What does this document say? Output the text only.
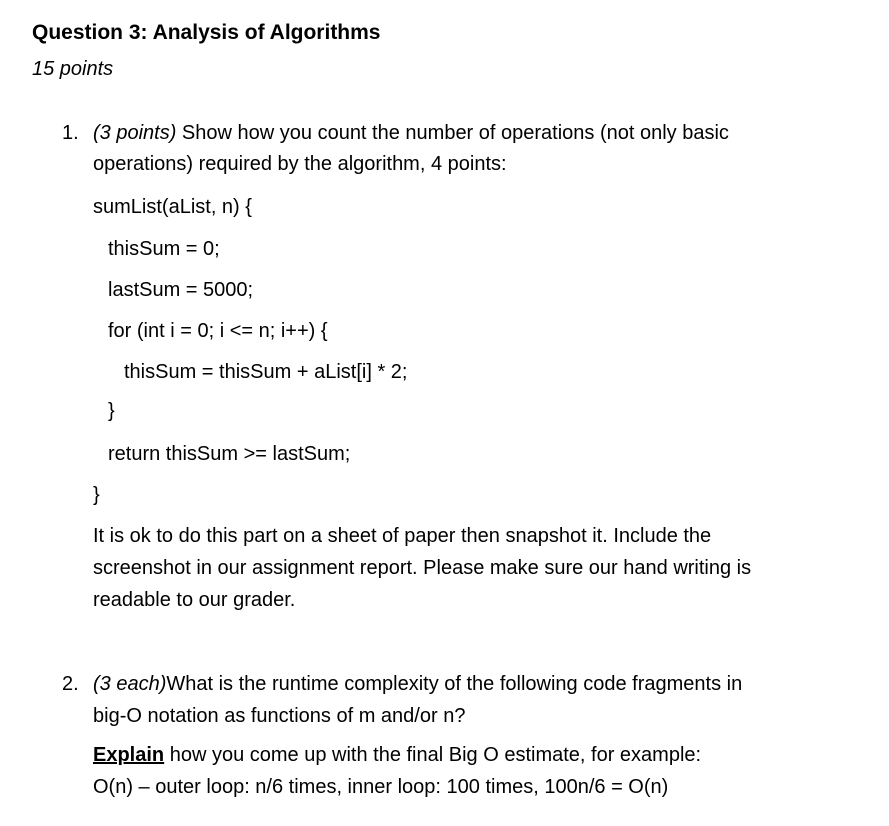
Question 3: Analysis of Algorithms
15 points
1. (3 points) Show how you count the number of operations (not only basic
operations) required by the algorithm, 4 points:
sumList(aList, n) {
thisSum = 0;
lastSum = 5000;
for (int i = 0; i <= n; i++) {
thisSum = thisSum + aList[i] * 2;
}
return thisSum >= lastSum;
}
It is ok to do this part on a sheet of paper then snapshot it. Include the
screenshot in our assignment report. Please make sure our hand writing is
readable to our grader.
2. (3 each)What is the runtime complexity of the following code fragments in
big-O notation as functions of m and/or n?
Explain how you come up with the final Big O estimate, for example:
O(n) – outer loop: n/6 times, inner loop: 100 times, 100n/6 = O(n)
